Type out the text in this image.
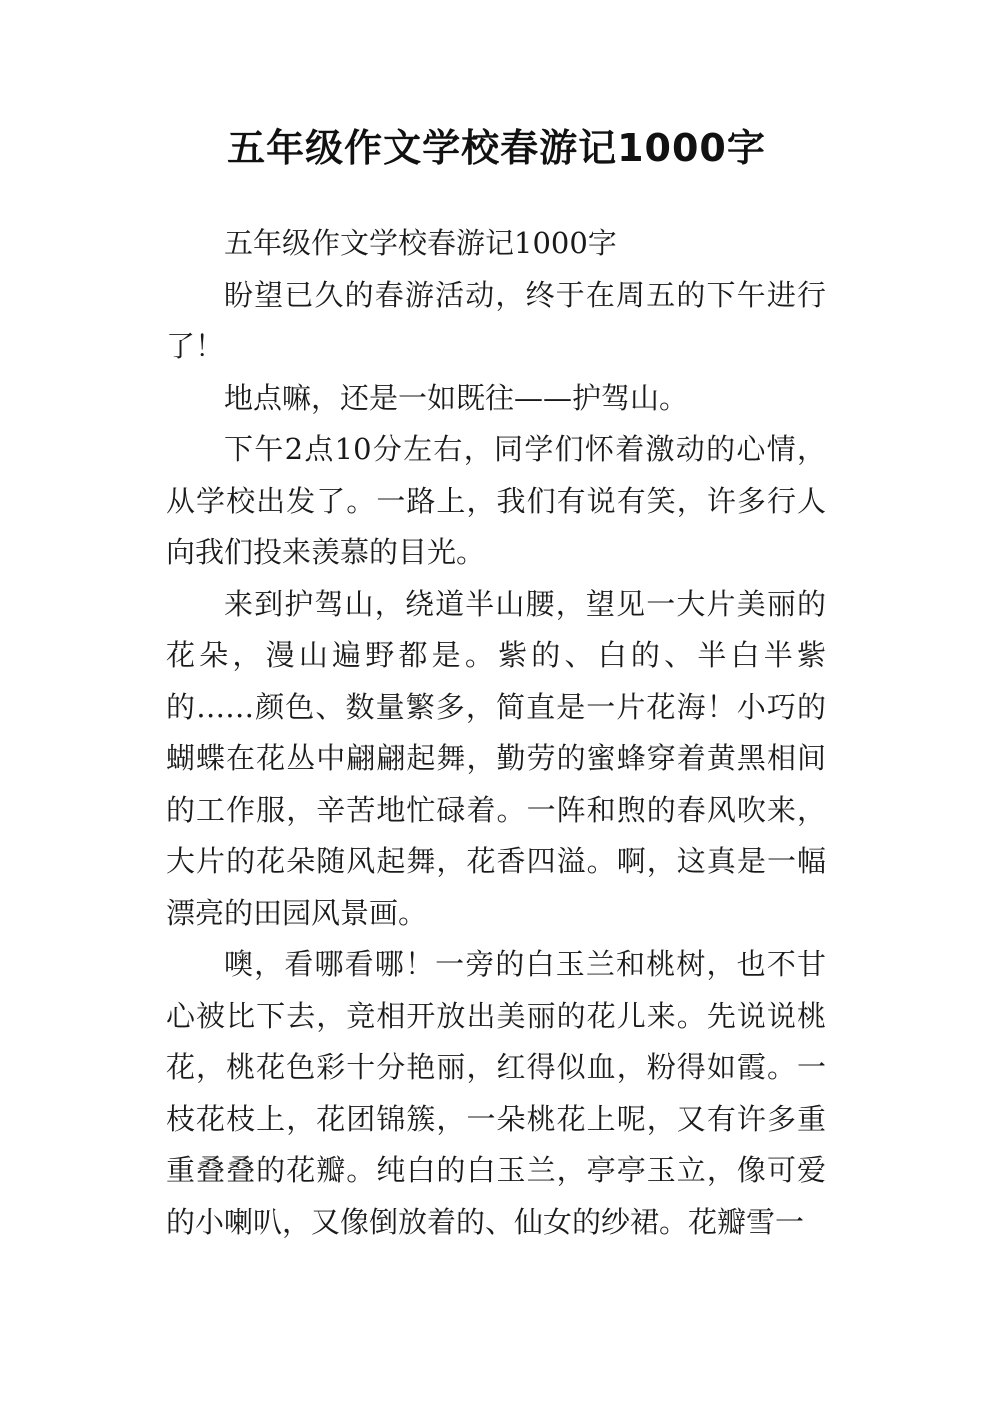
五年级作文学校春游记1000字

五年级作文学校春游记1000字

盼望已久的春游活动，终于在周五的下午进行了！

地点嘛，还是一如既往——护驾山。

下午2点10分左右，同学们怀着激动的心情，从学校出发了。一路上，我们有说有笑，许多行人向我们投来羡慕的目光。

来到护驾山，绕道半山腰，望见一大片美丽的花朵，漫山遍野都是。紫的、白的、半白半紫的……颜色、数量繁多，简直是一片花海！小巧的蝴蝶在花丛中翩翩起舞，勤劳的蜜蜂穿着黄黑相间的工作服，辛苦地忙碌着。一阵和煦的春风吹来，大片的花朵随风起舞，花香四溢。啊，这真是一幅漂亮的田园风景画。

噢，看哪看哪！一旁的白玉兰和桃树，也不甘心被比下去，竞相开放出美丽的花儿来。先说说桃花，桃花色彩十分艳丽，红得似血，粉得如霞。一枝花枝上，花团锦簇，一朵桃花上呢，又有许多重重叠叠的花瓣。纯白的白玉兰，亭亭玉立，像可爱的小喇叭，又像倒放着的、仙女的纱裙。花瓣雪一
